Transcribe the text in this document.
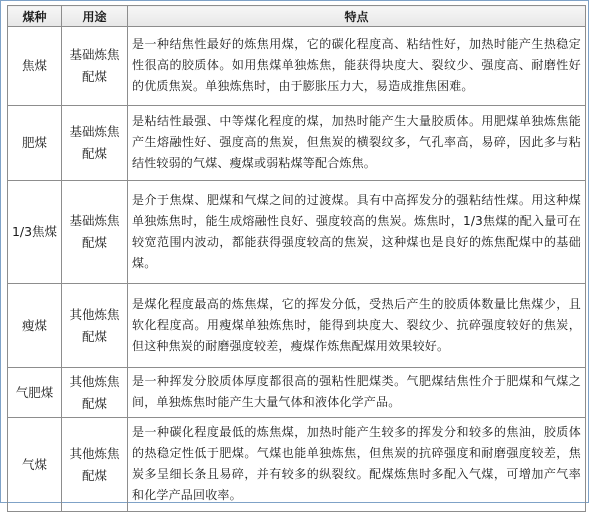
煤种	用途	特点
焦煤	基础炼焦配煤	是一种结焦性最好的炼焦用煤，它的碳化程度高、粘结性好，加热时能产生热稳定性很高的胶质体。如用焦煤单独炼焦，能获得块度大、裂纹少、强度高、耐磨性好的优质焦炭。单独炼焦时，由于膨胀压力大，易造成推焦困难。
肥煤	基础炼焦配煤	是粘结性最强、中等煤化程度的煤，加热时能产生大量胶质体。用肥煤单独炼焦能产生熔融性好、强度高的焦炭，但焦炭的横裂纹多，气孔率高，易碎，因此多与粘结性较弱的气煤、瘦煤或弱粘煤等配合炼焦。
1/3焦煤	基础炼焦配煤	是介于焦煤、肥煤和气煤之间的过渡煤。具有中高挥发分的强粘结性煤。用这种煤单独炼焦时，能生成熔融性良好、强度较高的焦炭。炼焦时，1/3焦煤的配入量可在较宽范围内波动，都能获得强度较高的焦炭，这种煤也是良好的炼焦配煤中的基础煤。
瘦煤	其他炼焦配煤	是煤化程度最高的炼焦煤，它的挥发分低，受热后产生的胶质体数量比焦煤少，且软化程度高。用瘦煤单独炼焦时，能得到块度大、裂纹少、抗碎强度较好的焦炭，但这种焦炭的耐磨强度较差，瘦煤作炼焦配煤用效果较好。
气肥煤	其他炼焦配煤	是一种挥发分胶质体厚度都很高的强粘性肥煤类。气肥煤结焦性介于肥煤和气煤之间，单独炼焦时能产生大量气体和液体化学产品。
气煤	其他炼焦配煤	是一种碳化程度最低的炼焦煤，加热时能产生较多的挥发分和较多的焦油，胶质体的热稳定性低于肥煤。气煤也能单独炼焦，但焦炭的抗碎强度和耐磨强度较差，焦炭多呈细长条且易碎，并有较多的纵裂纹。配煤炼焦时多配入气煤，可增加产气率和化学产品回收率。
